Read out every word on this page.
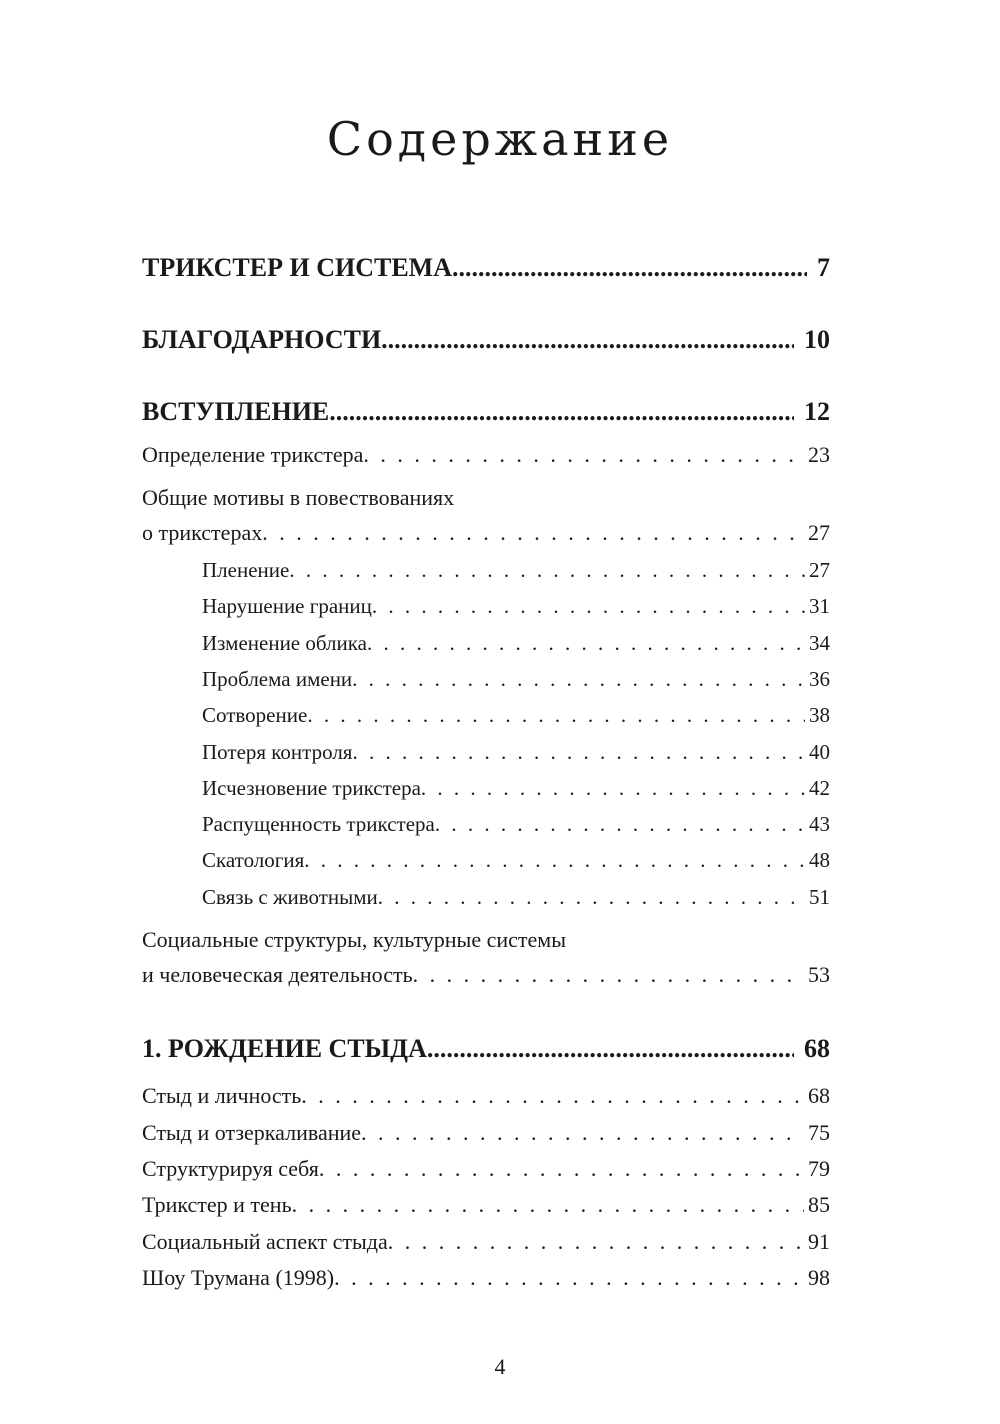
Содержание
ТРИКСТЕР И СИСТЕМА .....	7
БЛАГОДАРНОСТИ .....	10
ВСТУПЛЕНИЕ .....	12
Определение трикстера . . .	23
Общие мотивы в повествованиях
о трикстерах . . .	27
Пленение . . .	27
Нарушение границ . . .	31
Изменение облика . . .	34
Проблема имени . . .	36
Сотворение . . .	38
Потеря контроля . . .	40
Исчезновение трикстера . . .	42
Распущенность трикстера . . .	43
Скатология . . .	48
Связь с животными . . .	51
Социальные структуры, культурные системы
и человеческая деятельность . . .	53
1. РОЖДЕНИЕ СТЫДА .....	68
Стыд и личность . . .	68
Стыд и отзеркаливание . . .	75
Структурируя себя . . .	79
Трикстер и тень . . .	85
Социальный аспект стыда . . .	91
Шоу Трумана (1998) . . .	98
4
